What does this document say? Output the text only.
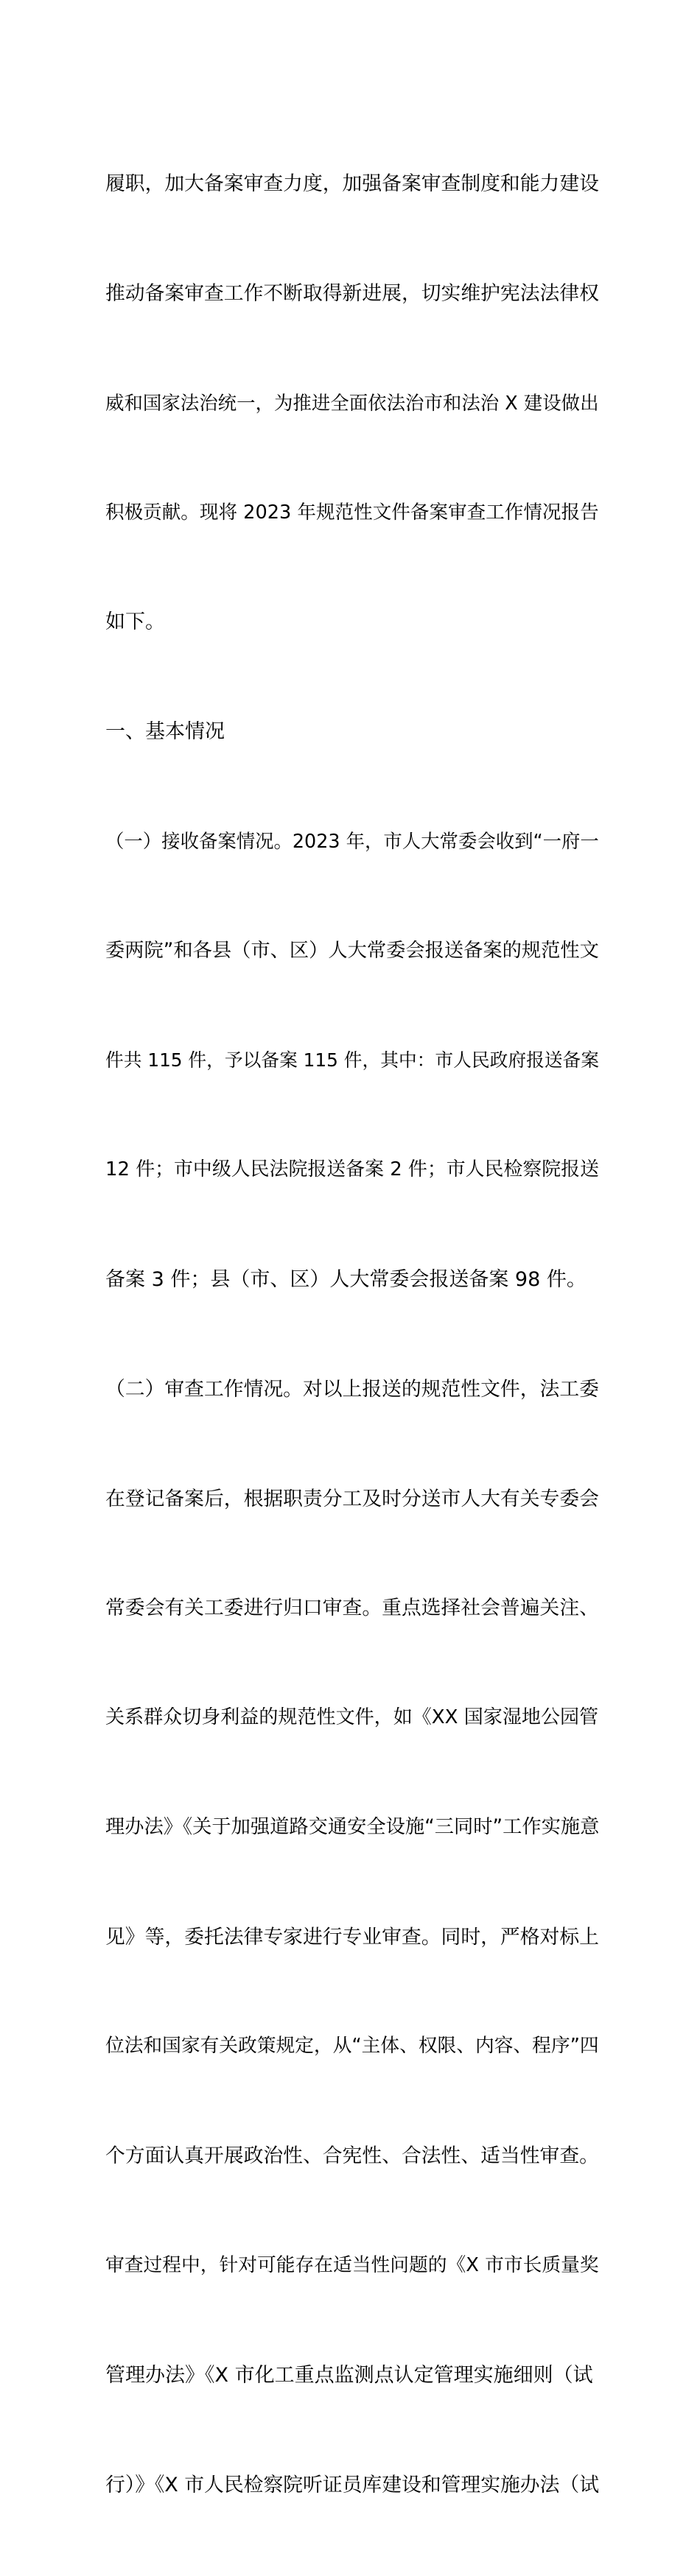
履职，加大备案审查力度，加强备案审查制度和能力建设

推动备案审查工作不断取得新进展，切实维护宪法法律权

威和国家法治统一，为推进全面依法治市和法治 X 建设做出

积极贡献。现将 2023 年规范性文件备案审查工作情况报告

如下。

一、基本情况

（一）接收备案情况。2023 年，市人大常委会收到“一府一

委两院”和各县（市、区）人大常委会报送备案的规范性文

件共 115 件，予以备案 115 件，其中：市人民政府报送备案

12 件；市中级人民法院报送备案 2 件；市人民检察院报送

备案 3 件；县（市、区）人大常委会报送备案 98 件。

（二）审查工作情况。对以上报送的规范性文件，法工委

在登记备案后，根据职责分工及时分送市人大有关专委会

常委会有关工委进行归口审查。重点选择社会普遍关注、

关系群众切身利益的规范性文件，如《XX 国家湿地公园管

理办法》《关于加强道路交通安全设施“三同时”工作实施意

见》等，委托法律专家进行专业审查。同时，严格对标上

位法和国家有关政策规定，从“主体、权限、内容、程序”四

个方面认真开展政治性、合宪性、合法性、适当性审查。

审查过程中，针对可能存在适当性问题的《X 市市长质量奖

管理办法》《X 市化工重点监测点认定管理实施细则（试

行）》《X 市人民检察院听证员库建设和管理实施办法（试
